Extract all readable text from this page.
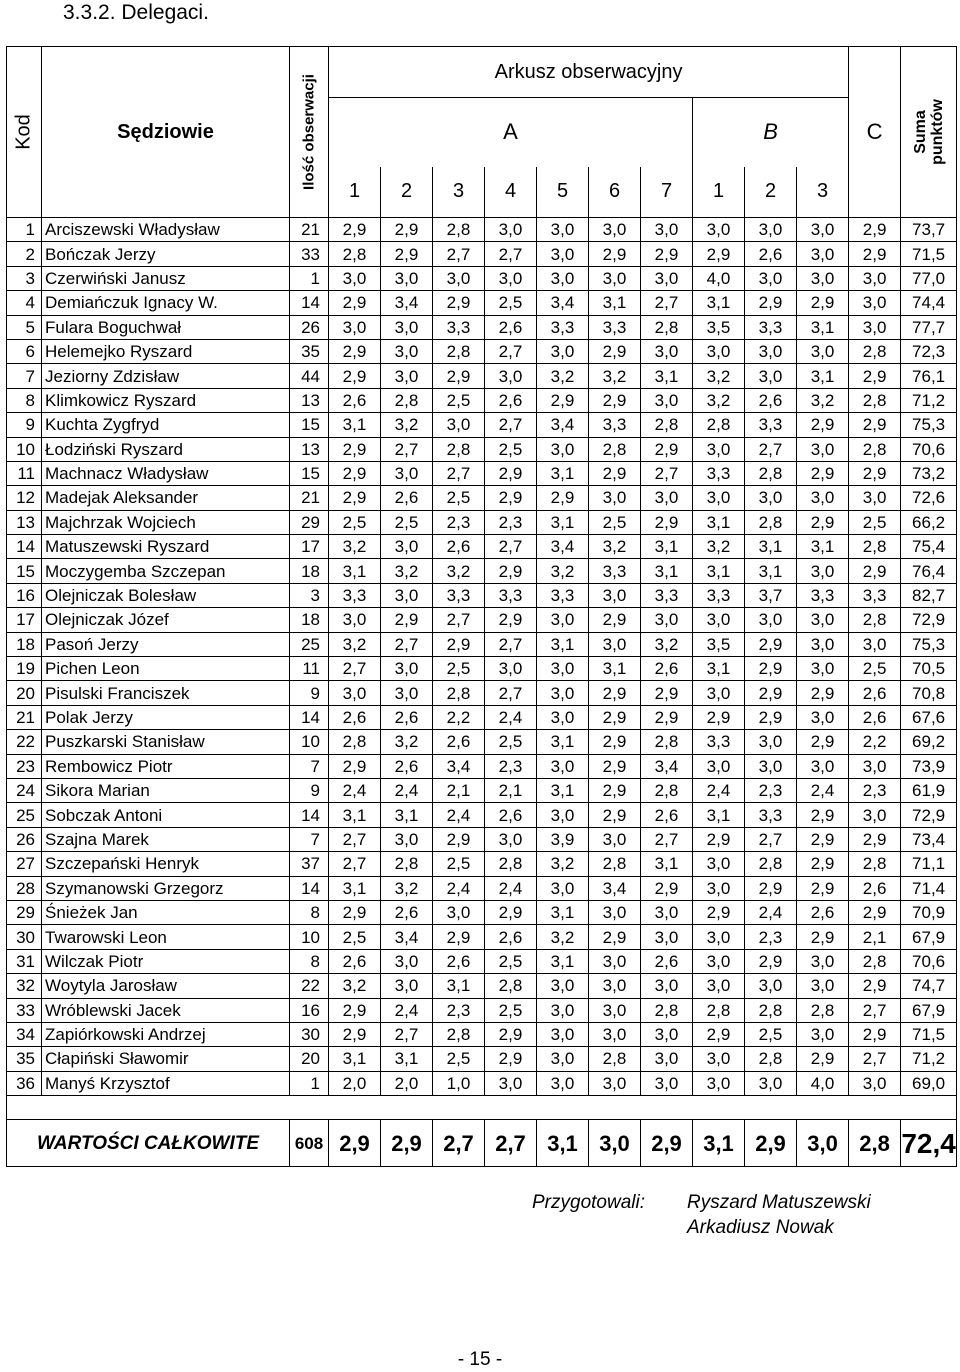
3.3.2. Delegaci.
Kod	Sędziowie	Ilość obserwacji	Arkusz obserwacyjny										C	Suma punktów

			A							B				
			1	2	3	4	5	6	7	1	2	3		
1	Arciszewski Władysław	21	2,9	2,9	2,8	3,0	3,0	3,0	3,0	3,0	3,0	3,0	2,9	73,7
2	Bończak Jerzy	33	2,8	2,9	2,7	2,7	3,0	2,9	2,9	2,9	2,6	3,0	2,9	71,5
3	Czerwiński Janusz	1	3,0	3,0	3,0	3,0	3,0	3,0	3,0	4,0	3,0	3,0	3,0	77,0
4	Demiańczuk Ignacy W.	14	2,9	3,4	2,9	2,5	3,4	3,1	2,7	3,1	2,9	2,9	3,0	74,4
5	Fulara Boguchwał	26	3,0	3,0	3,3	2,6	3,3	3,3	2,8	3,5	3,3	3,1	3,0	77,7
6	Helemejko Ryszard	35	2,9	3,0	2,8	2,7	3,0	2,9	3,0	3,0	3,0	3,0	2,8	72,3
7	Jeziorny Zdzisław	44	2,9	3,0	2,9	3,0	3,2	3,2	3,1	3,2	3,0	3,1	2,9	76,1
8	Klimkowicz Ryszard	13	2,6	2,8	2,5	2,6	2,9	2,9	3,0	3,2	2,6	3,2	2,8	71,2
9	Kuchta Zygfryd	15	3,1	3,2	3,0	2,7	3,4	3,3	2,8	2,8	3,3	2,9	2,9	75,3
10	Łodziński Ryszard	13	2,9	2,7	2,8	2,5	3,0	2,8	2,9	3,0	2,7	3,0	2,8	70,6
11	Machnacz Władysław	15	2,9	3,0	2,7	2,9	3,1	2,9	2,7	3,3	2,8	2,9	2,9	73,2
12	Madejak Aleksander	21	2,9	2,6	2,5	2,9	2,9	3,0	3,0	3,0	3,0	3,0	3,0	72,6
13	Majchrzak Wojciech	29	2,5	2,5	2,3	2,3	3,1	2,5	2,9	3,1	2,8	2,9	2,5	66,2
14	Matuszewski Ryszard	17	3,2	3,0	2,6	2,7	3,4	3,2	3,1	3,2	3,1	3,1	2,8	75,4
15	Moczygemba Szczepan	18	3,1	3,2	3,2	2,9	3,2	3,3	3,1	3,1	3,1	3,0	2,9	76,4
16	Olejniczak Bolesław	3	3,3	3,0	3,3	3,3	3,3	3,0	3,3	3,3	3,7	3,3	3,3	82,7
17	Olejniczak Józef	18	3,0	2,9	2,7	2,9	3,0	2,9	3,0	3,0	3,0	3,0	2,8	72,9
18	Pasoń Jerzy	25	3,2	2,7	2,9	2,7	3,1	3,0	3,2	3,5	2,9	3,0	3,0	75,3
19	Pichen Leon	11	2,7	3,0	2,5	3,0	3,0	3,1	2,6	3,1	2,9	3,0	2,5	70,5
20	Pisulski Franciszek	9	3,0	3,0	2,8	2,7	3,0	2,9	2,9	3,0	2,9	2,9	2,6	70,8
21	Polak Jerzy	14	2,6	2,6	2,2	2,4	3,0	2,9	2,9	2,9	2,9	3,0	2,6	67,6
22	Puszkarski Stanisław	10	2,8	3,2	2,6	2,5	3,1	2,9	2,8	3,3	3,0	2,9	2,2	69,2
23	Rembowicz Piotr	7	2,9	2,6	3,4	2,3	3,0	2,9	3,4	3,0	3,0	3,0	3,0	73,9
24	Sikora Marian	9	2,4	2,4	2,1	2,1	3,1	2,9	2,8	2,4	2,3	2,4	2,3	61,9
25	Sobczak Antoni	14	3,1	3,1	2,4	2,6	3,0	2,9	2,6	3,1	3,3	2,9	3,0	72,9
26	Szajna Marek	7	2,7	3,0	2,9	3,0	3,9	3,0	2,7	2,9	2,7	2,9	2,9	73,4
27	Szczepański Henryk	37	2,7	2,8	2,5	2,8	3,2	2,8	3,1	3,0	2,8	2,9	2,8	71,1
28	Szymanowski Grzegorz	14	3,1	3,2	2,4	2,4	3,0	3,4	2,9	3,0	2,9	2,9	2,6	71,4
29	Śnieżek Jan	8	2,9	2,6	3,0	2,9	3,1	3,0	3,0	2,9	2,4	2,6	2,9	70,9
30	Twarowski Leon	10	2,5	3,4	2,9	2,6	3,2	2,9	3,0	3,0	2,3	2,9	2,1	67,9
31	Wilczak Piotr	8	2,6	3,0	2,6	2,5	3,1	3,0	2,6	3,0	2,9	3,0	2,8	70,6
32	Woytyla Jarosław	22	3,2	3,0	3,1	2,8	3,0	3,0	3,0	3,0	3,0	3,0	2,9	74,7
33	Wróblewski Jacek	16	2,9	2,4	2,3	2,5	3,0	3,0	2,8	2,8	2,8	2,8	2,7	67,9
34	Zapiórkowski Andrzej	30	2,9	2,7	2,8	2,9	3,0	3,0	3,0	2,9	2,5	3,0	2,9	71,5
35	Cłapiński Sławomir	20	3,1	3,1	2,5	2,9	3,0	2,8	3,0	3,0	2,8	2,9	2,7	71,2
36	Manyś Krzysztof	1	2,0	2,0	1,0	3,0	3,0	3,0	3,0	3,0	3,0	4,0	3,0	69,0

WARTOŚCI CAŁKOWITE		608	2,9	2,9	2,7	2,7	3,1	3,0	2,9	3,1	2,9	3,0	2,8	72,4
Przygotowali: Ryszard Matuszewski
Arkadiusz Nowak
- 15 -
